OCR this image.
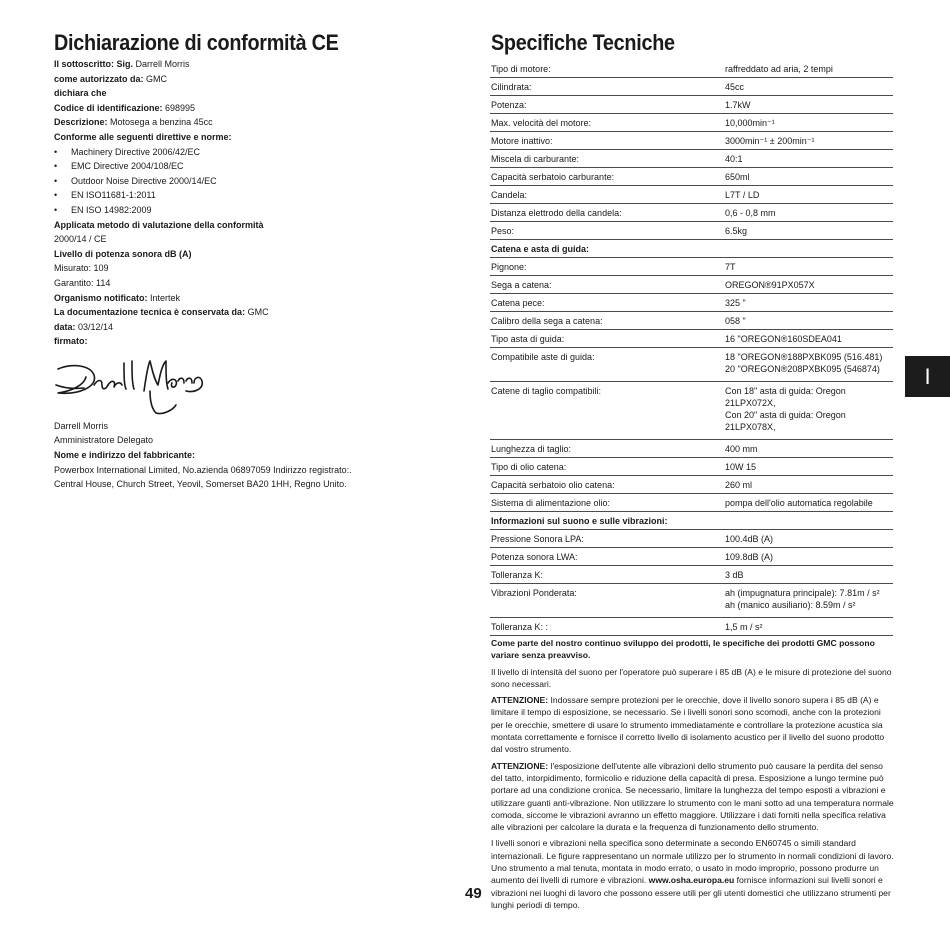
Dichiarazione di conformità CE	Specifiche Tecniche
Il sottoscritto: Sig. Darrell Morris
come autorizzato da: GMC
dichiara che
Codice di identificazione: 698995
Descrizione: Motosega a benzina 45cc
Conforme alle seguenti direttive e norme:
• Machinery Directive 2006/42/EC
• EMC Directive 2004/108/EC
• Outdoor Noise Directive 2000/14/EC
• EN ISO11681-1:2011
• EN ISO 14982:2009
Applicata metodo di valutazione della conformità
2000/14 / CE
Livello di potenza sonora dB (A)
Misurato: 109
Garantito: 114
Organismo notificato: Intertek
La documentazione tecnica è conservata da: GMC
data: 03/12/14
firmato:
Darrell Morris
Amministratore Delegato
Nome e indirizzo del fabbricante:
Powerbox International Limited, No.azienda 06897059 Indirizzo registrato:.
Central House, Church Street, Yeovil, Somerset BA20 1HH, Regno Unito.
Tipo di motore:	raffreddato ad aria, 2 tempi
Cilindrata:	45cc
Potenza:	1.7kW
Max. velocità del motore:	10,000min⁻¹
Motore inattivo:	3000min⁻¹ ± 200min⁻¹
Miscela di carburante:	40:1
Capacità serbatoio carburante:	650ml
Candela:	L7T / LD
Distanza elettrodo della candela:	0,6 - 0,8 mm
Peso:	6.5kg
Catena e asta di guida:	
Pignone:	7T
Sega a catena:	OREGON®91PX057X
Catena pece:	325 "
Calibro della sega a catena:	058 "
Tipo asta di guida:	16 "OREGON®160SDEA041
Compatibile aste di guida:	18 "OREGON®188PXBK095 (516.481)
20 "OREGON®208PXBK095 (546874)

Catene di taglio compatibili:	Con 18" asta di guida: Oregon 21LPX072X,
Con 20" asta di guida: Oregon 21LPX078X,

Lunghezza di taglio:	400 mm
Tipo di olio catena:	10W 15
Capacità serbatoio olio catena:	260 ml
Sistema di alimentazione olio:	pompa dell'olio automatica regolabile
Informazioni sul suono e sulle vibrazioni:	
Pressione Sonora LPA:	100.4dB (A)
Potenza sonora LWA:	109.8dB (A)
Tolleranza K:	3 dB
Vibrazioni Ponderata:	ah (impugnatura principale): 7.81m / s²
ah (manico ausiliario): 8.59m / s²

Tolleranza K: :	1,5 m / s²

Come parte del nostro continuo sviluppo dei prodotti, le specifiche dei prodotti GMC possono variare senza preavviso.

Il livello di intensità del suono per l'operatore può superare i 85 dB (A) e le misure di protezione del suono sono necessari.

ATTENZIONE: Indossare sempre protezioni per le orecchie, dove il livello sonoro supera i 85 dB (A) e limitare il tempo di esposizione, se necessario. Se i livelli sonori sono scomodi, anche con la protezioni per le orecchie, smettere di usare lo strumento immediatamente e controllare la protezione acustica sia montata correttamente e fornisce il corretto livello di isolamento acustico per il livello del suono prodotto dal vostro strumento.

ATTENZIONE: l'esposizione dell'utente alle vibrazioni dello strumento può causare la perdita del senso del tatto, intorpidimento, formicolio e riduzione della capacità di presa. Esposizione a lungo termine può portare ad una condizione cronica. Se necessario, limitare la lunghezza del tempo esposti a vibrazioni e utilizzare guanti anti-vibrazione. Non utilizzare lo strumento con le mani sotto ad una temperatura normale comoda, siccome le vibrazioni avranno un effetto maggiore. Utilizzare i dati forniti nella specifica relativa alle vibrazioni per calcolare la durata e la frequenza di funzionamento dello strumento.

I livelli sonori e vibrazioni nella specifica sono determinate a secondo EN60745 o simili standard internazionali. Le figure rappresentano un normale utilizzo per lo strumento in normali condizioni di lavoro. Uno strumento a mal tenuta, montata in modo errato, o usato in modo improprio, possono produrre un aumento dei livelli di rumore e vibrazioni. www.osha.europa.eu fornisce informazioni sui livelli sonori e vibrazioni nei luoghi di lavoro che possono essere utili per gli utenti domestici che utilizzano strumenti per lunghi periodi di tempo.

I
49
